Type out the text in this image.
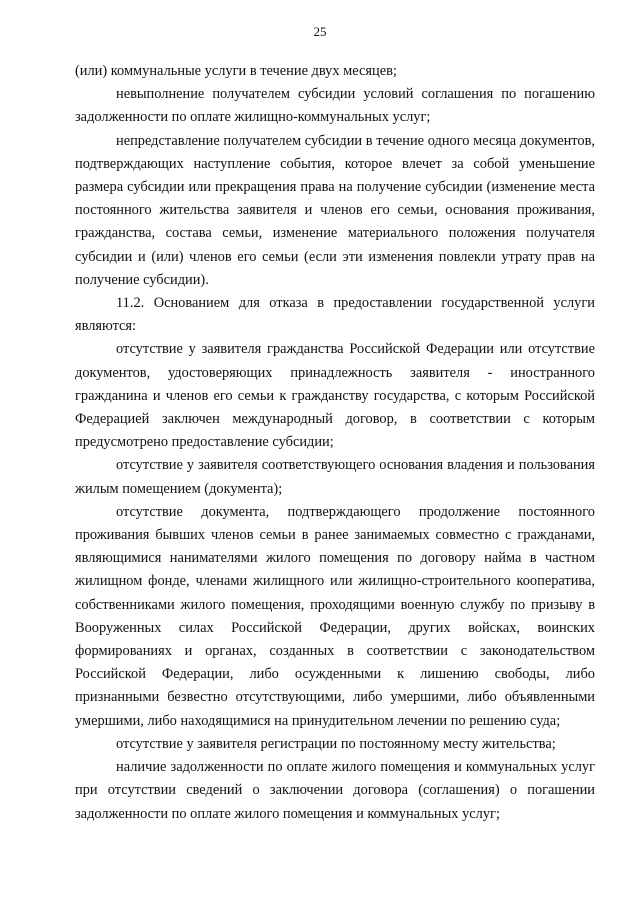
25

(или) коммунальные услуги в течение двух месяцев;

невыполнение получателем субсидии условий соглашения по погашению задолженности по оплате жилищно-коммунальных услуг;

непредставление получателем субсидии в течение одного месяца документов, подтверждающих наступление события, которое влечет за собой уменьшение размера субсидии или прекращения права на получение субсидии (изменение места постоянного жительства заявителя и членов его семьи, основания проживания, гражданства, состава семьи, изменение материального положения получателя субсидии и (или) членов его семьи (если эти изменения повлекли утрату прав на получение субсидии).

11.2. Основанием для отказа в предоставлении государственной услуги являются:

отсутствие у заявителя гражданства Российской Федерации или отсутствие документов, удостоверяющих принадлежность заявителя - иностранного гражданина и членов его семьи к гражданству государства, с которым Российской Федерацией заключен международный договор, в соответствии с которым предусмотрено предоставление субсидии;

отсутствие у заявителя соответствующего основания владения и пользования жилым помещением (документа);

отсутствие документа, подтверждающего продолжение постоянного проживания бывших членов семьи в ранее занимаемых совместно с гражданами, являющимися нанимателями жилого помещения по договору найма в частном жилищном фонде, членами жилищного или жилищно-строительного кооператива, собственниками жилого помещения, проходящими военную службу по призыву в Вооруженных силах Российской Федерации, других войсках, воинских формированиях и органах, созданных в соответствии с законодательством Российской Федерации, либо осужденными к лишению свободы, либо признанными безвестно отсутствующими, либо умершими, либо объявленными умершими, либо находящимися на принудительном лечении по решению суда;

отсутствие у заявителя регистрации по постоянному месту жительства;

наличие задолженности по оплате жилого помещения и коммунальных услуг при отсутствии сведений о заключении договора (соглашения) о погашении задолженности по оплате жилого помещения и коммунальных услуг;
